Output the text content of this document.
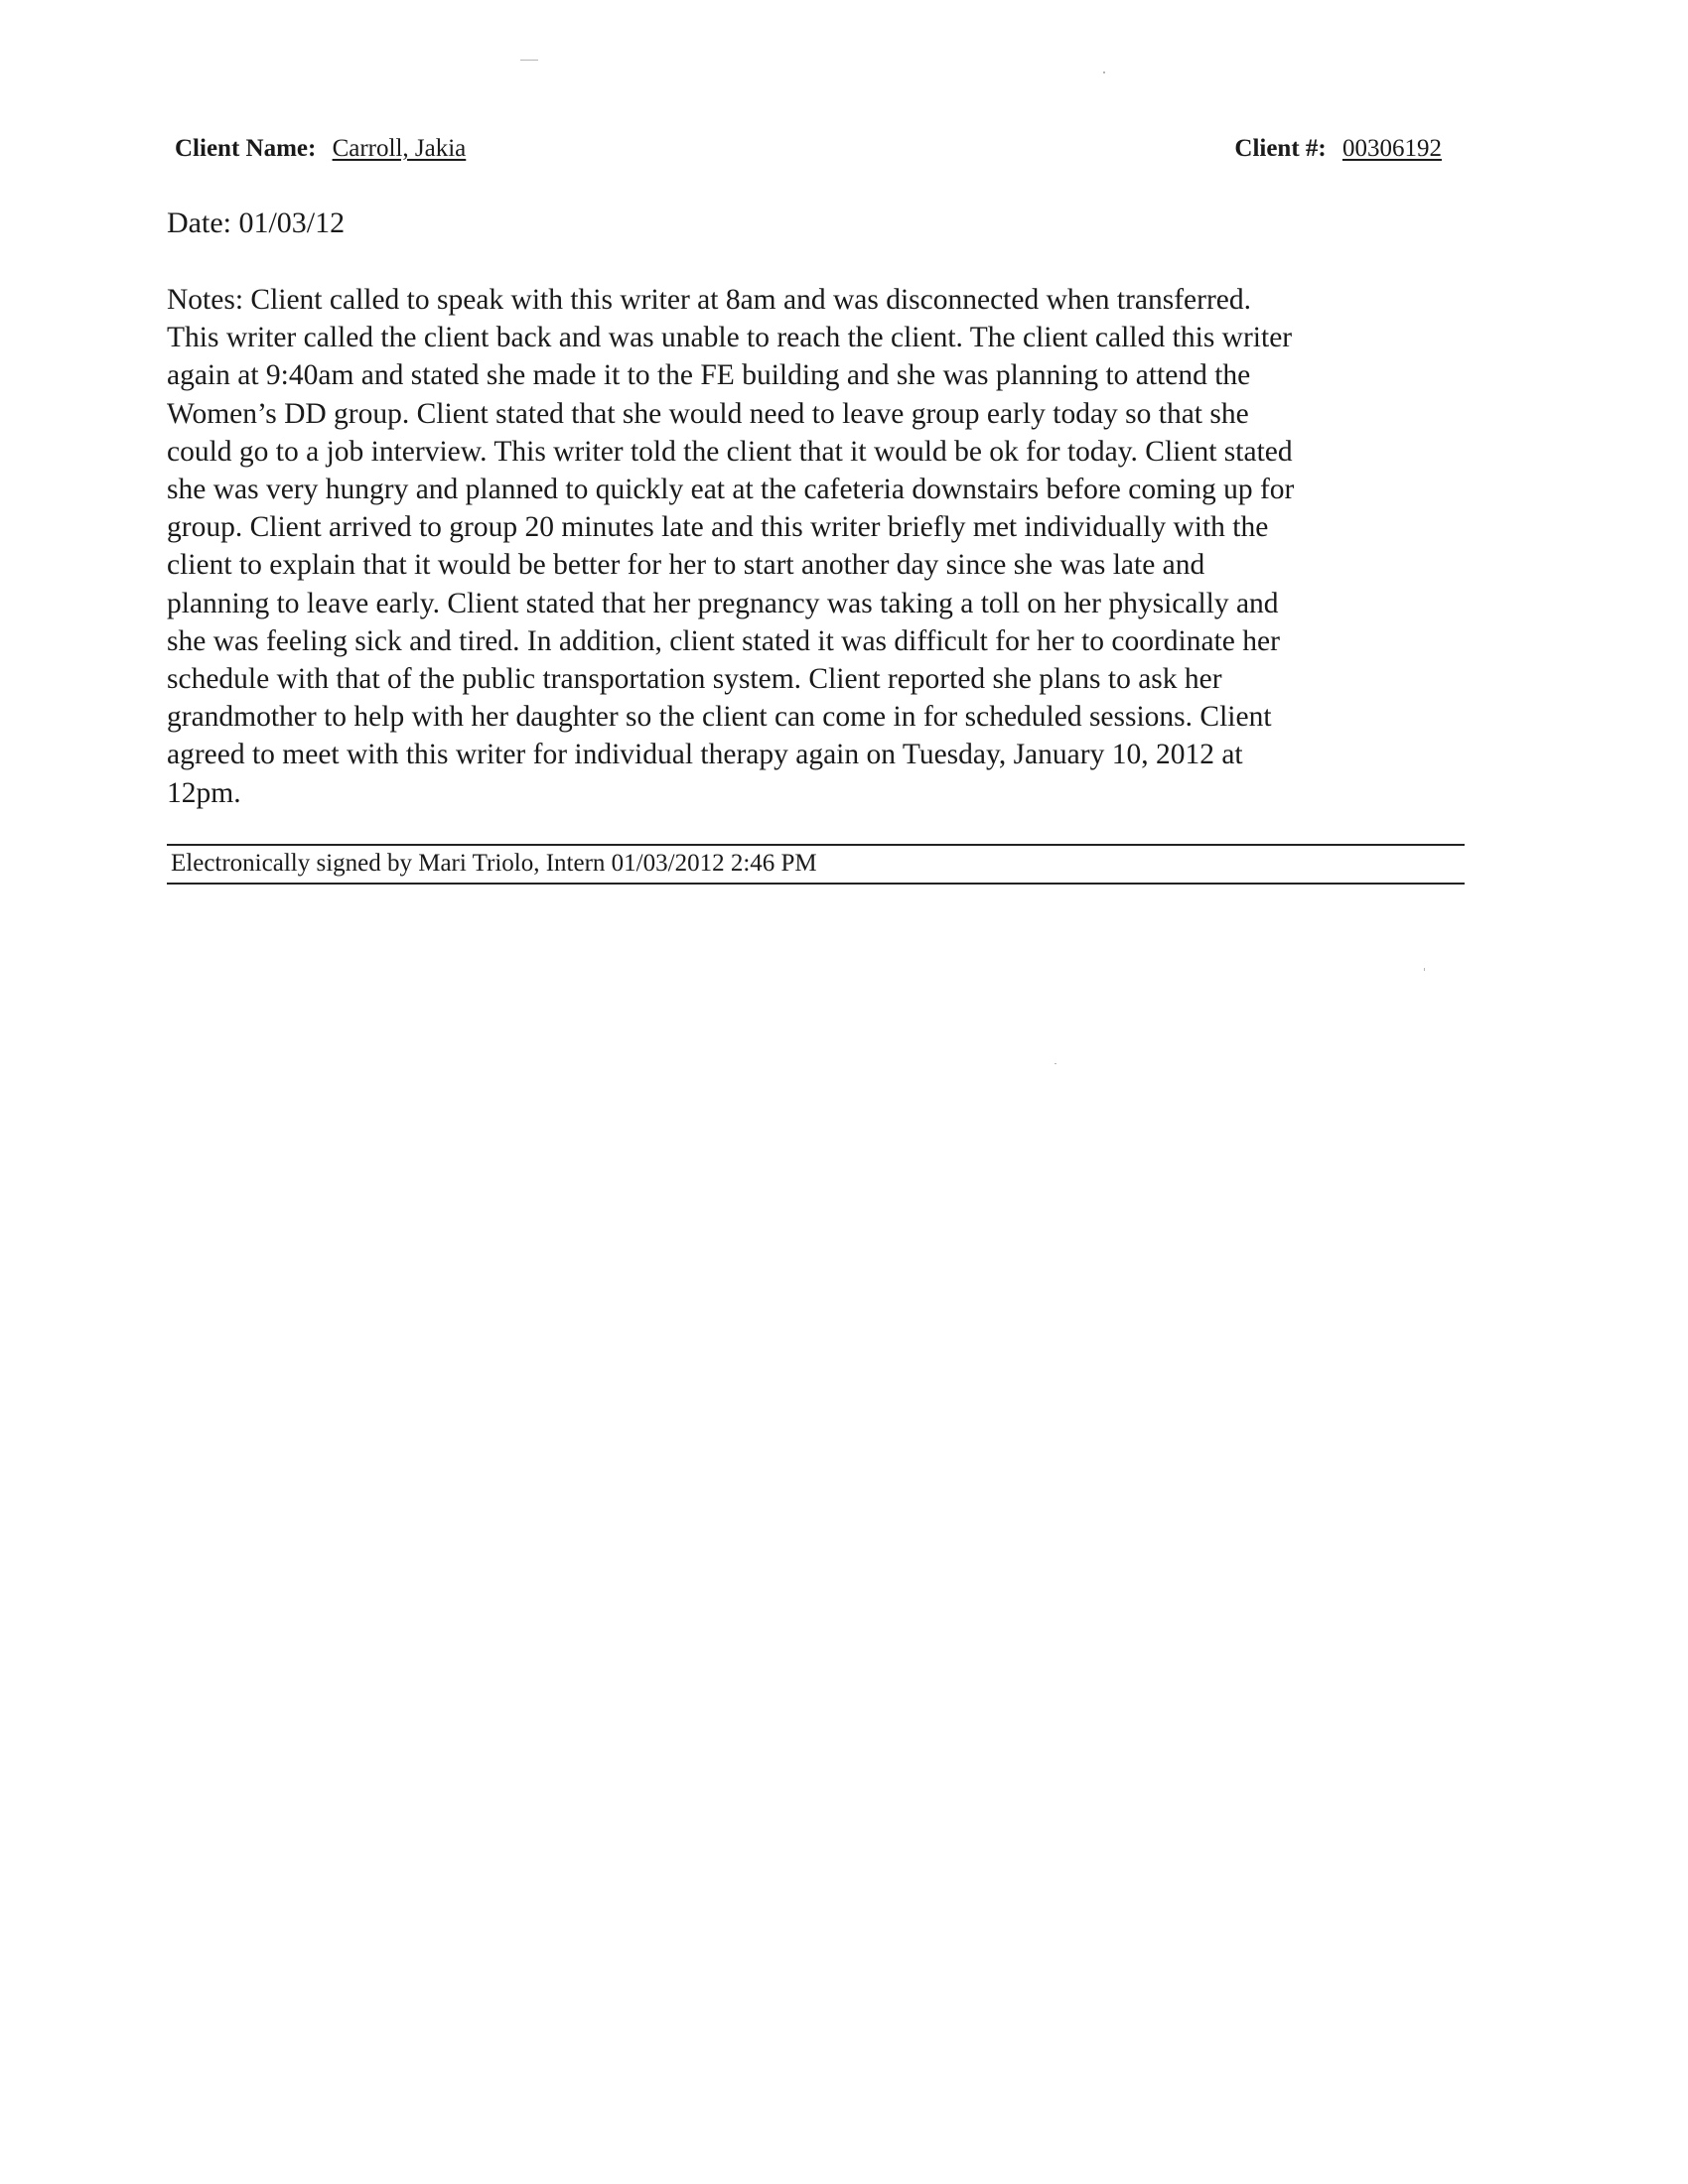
Client Name: Carroll, Jakia	Client #: 00306192
Date: 01/03/12
Notes: Client called to speak with this writer at 8am and was disconnected when transferred.
This writer called the client back and was unable to reach the client. The client called this writer
again at 9:40am and stated she made it to the FE building and she was planning to attend the
Women’s DD group. Client stated that she would need to leave group early today so that she
could go to a job interview. This writer told the client that it would be ok for today. Client stated
she was very hungry and planned to quickly eat at the cafeteria downstairs before coming up for
group. Client arrived to group 20 minutes late and this writer briefly met individually with the
client to explain that it would be better for her to start another day since she was late and
planning to leave early. Client stated that her pregnancy was taking a toll on her physically and
she was feeling sick and tired. In addition, client stated it was difficult for her to coordinate her
schedule with that of the public transportation system. Client reported she plans to ask her
grandmother to help with her daughter so the client can come in for scheduled sessions. Client
agreed to meet with this writer for individual therapy again on Tuesday, January 10, 2012 at
12pm.
Electronically signed by Mari Triolo, Intern 01/03/2012 2:46 PM
